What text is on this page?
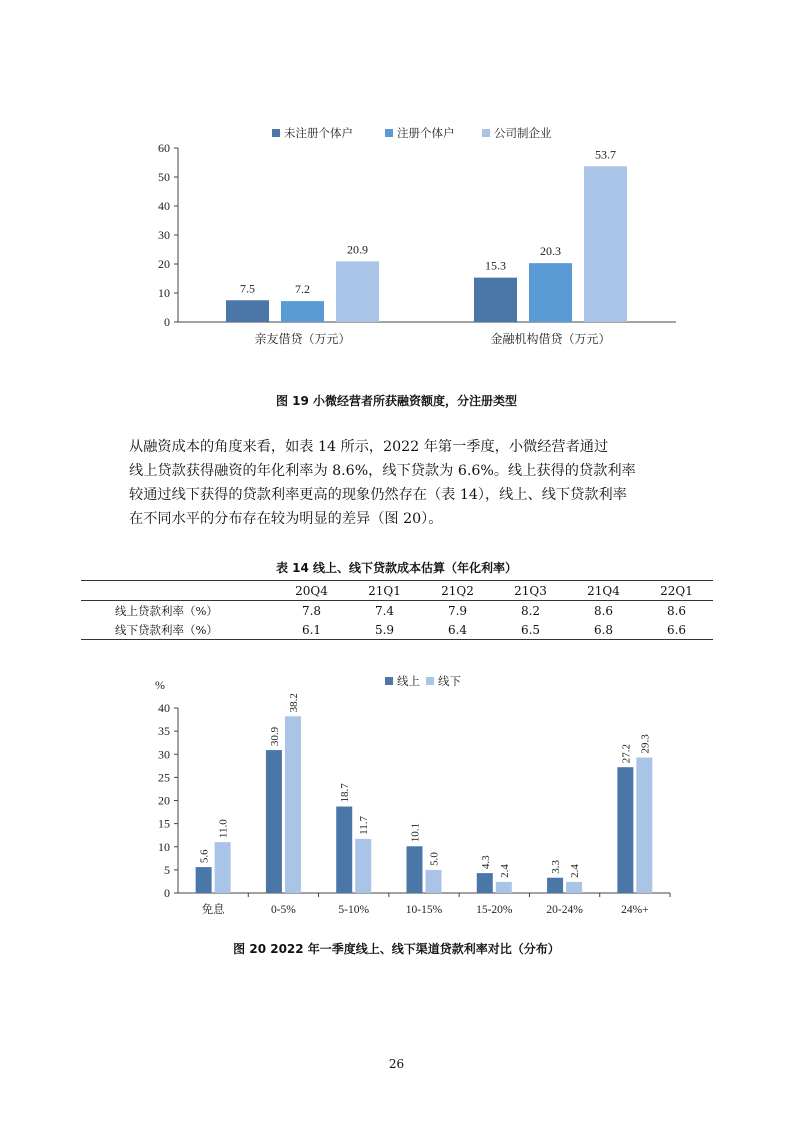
0
10
20
30
40
50
60
未注册个体户	注册个体户	公司制企业
7.5	7.2
20.9
亲友借贷（万元）
15.3
20.3
53.7
金融机构借贷（万元）
图 19 小微经营者所获融资额度，分注册类型

从融资成本的角度来看，如表 14 所示，2022 年第一季度，小微经营者通过

线上贷款获得融资的年化利率为 8.6%，线下贷款为 6.6%。线上获得的贷款利率

较通过线下获得的贷款利率更高的现象仍然存在（表 14），线上、线下贷款利率

在不同水平的分布存在较为明显的差异（图 20）。

表 14 线上、线下贷款成本估算（年化利率）
	20Q4	21Q1	21Q2	21Q3	21Q4	22Q1
线上贷款利率（%）	7.8	7.4	7.9	8.2	8.6	8.6
线下贷款利率（%）	6.1	5.9	6.4	6.5	6.8	6.6
%
0
5
10
15
20
25
30
35
40
线上 线下
5.6
11.0
免息
30.9
38.2
0-5%
18.7
11.7
5-10%
10.1
5.0
10-15%
4.3
2.4
15-20%
3.3 2.4
20-24%
27.2
29.3
24%+
图 20 2022 年一季度线上、线下渠道贷款利率对比（分布）
26
